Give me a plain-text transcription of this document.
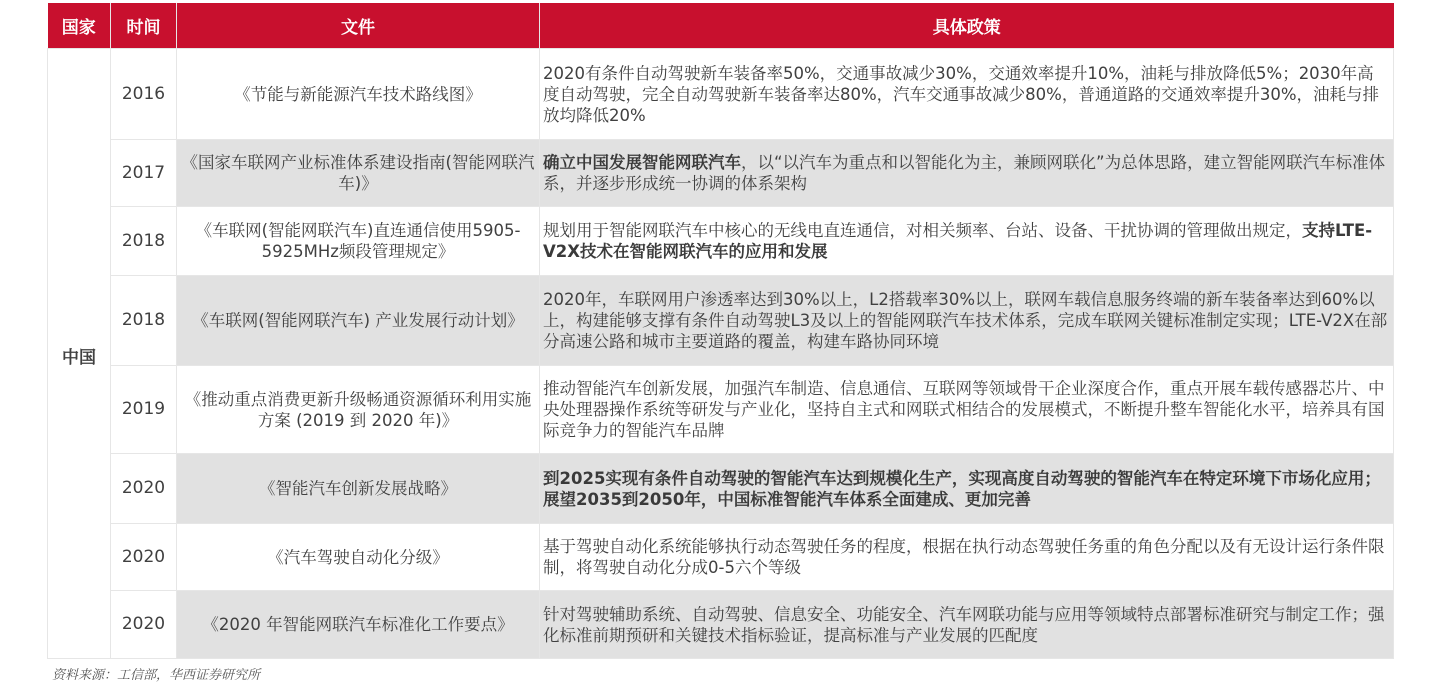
国家	时间	文件	具体政策
中国	2016	《节能与新能源汽车技术路线图》	2020有条件自动驾驶新车装备率50%，交通事故减少30%，交通效率提升10%，油耗与排放降低5%；2030年高度自动驾驶，完全自动驾驶新车装备率达80%，汽车交通事故减少80%，普通道路的交通效率提升30%，油耗与排放均降低20%
	2017	《国家车联网产业标准体系建设指南(智能网联汽车)》	确立中国发展智能网联汽车，以“以汽车为重点和以智能化为主，兼顾网联化”为总体思路，建立智能网联汽车标准体系，并逐步形成统一协调的体系架构
	2018	《车联网(智能网联汽车)直连通信使用5905-5925MHz频段管理规定》	规划用于智能网联汽车中核心的无线电直连通信，对相关频率、台站、设备、干扰协调的管理做出规定，支持LTE-V2X技术在智能网联汽车的应用和发展
	2018	《车联网(智能网联汽车) 产业发展行动计划》	2020年，车联网用户渗透率达到30%以上，L2搭载率30%以上，联网车载信息服务终端的新车装备率达到60%以上，构建能够支撑有条件自动驾驶L3及以上的智能网联汽车技术体系，完成车联网关键标准制定实现；LTE-V2X在部分高速公路和城市主要道路的覆盖，构建车路协同环境
	2019	《推动重点消费更新升级畅通资源循环利用实施方案 (2019 到 2020 年)》	推动智能汽车创新发展，加强汽车制造、信息通信、互联网等领域骨干企业深度合作，重点开展车载传感器芯片、中央处理器操作系统等研发与产业化，坚持自主式和网联式相结合的发展模式，不断提升整车智能化水平，培养具有国际竞争力的智能汽车品牌
	2020	《智能汽车创新发展战略》	到2025实现有条件自动驾驶的智能汽车达到规模化生产，实现高度自动驾驶的智能汽车在特定环境下市场化应用；展望2035到2050年，中国标准智能汽车体系全面建成、更加完善
	2020	《汽车驾驶自动化分级》	基于驾驶自动化系统能够执行动态驾驶任务的程度，根据在执行动态驾驶任务重的角色分配以及有无设计运行条件限制，将驾驶自动化分成0-5六个等级
	2020	《2020 年智能网联汽车标准化工作要点》	针对驾驶辅助系统、自动驾驶、信息安全、功能安全、汽车网联功能与应用等领域特点部署标准研究与制定工作；强化标准前期预研和关键技术指标验证，提高标准与产业发展的匹配度
资料来源：工信部，华西证券研究所
